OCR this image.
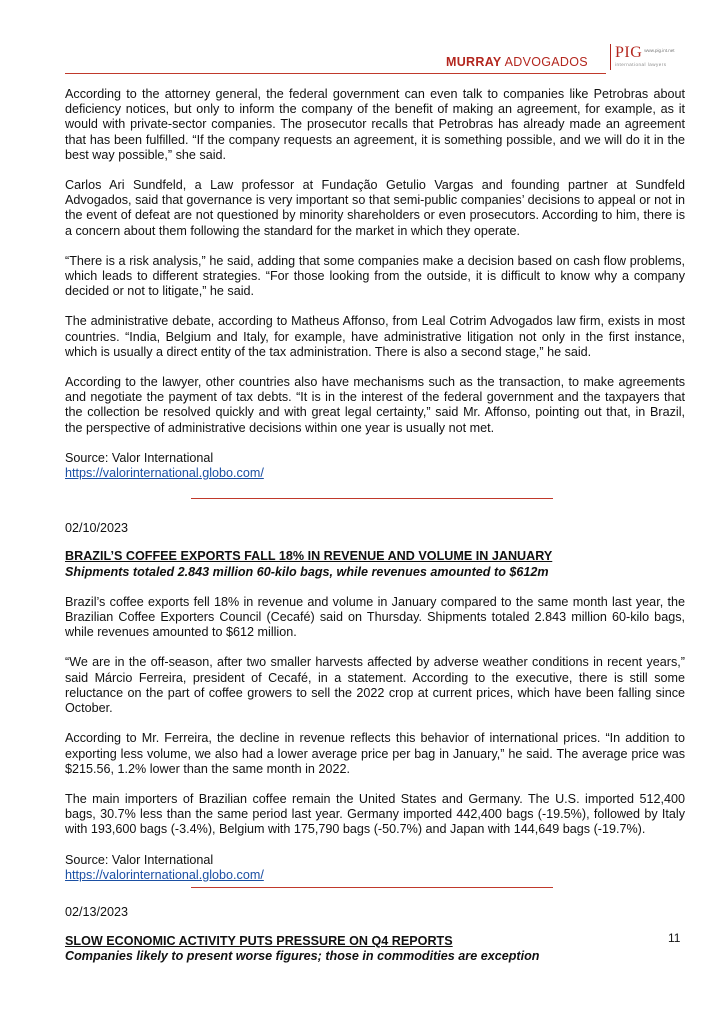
MURRAY ADVOGADOS
PIG www.pig.int.net
international lawyers

According to the attorney general, the federal government can even talk to companies like Petrobras about deficiency notices, but only to inform the company of the benefit of making an agreement, for example, as it would with private-sector companies. The prosecutor recalls that Petrobras has already made an agreement that has been fulfilled. “If the company requests an agreement, it is something possible, and we will do it in the best way possible,” she said.

Carlos Ari Sundfeld, a Law professor at Fundação Getulio Vargas and founding partner at Sundfeld Advogados, said that governance is very important so that semi-public companies’ decisions to appeal or not in the event of defeat are not questioned by minority shareholders or even prosecutors. According to him, there is a concern about them following the standard for the market in which they operate.

“There is a risk analysis,” he said, adding that some companies make a decision based on cash flow problems, which leads to different strategies. “For those looking from the outside, it is difficult to know why a company decided or not to litigate,” he said.

The administrative debate, according to Matheus Affonso, from Leal Cotrim Advogados law firm, exists in most countries. “India, Belgium and Italy, for example, have administrative litigation not only in the first instance, which is usually a direct entity of the tax administration. There is also a second stage,” he said.

According to the lawyer, other countries also have mechanisms such as the transaction, to make agreements and negotiate the payment of tax debts. “It is in the interest of the federal government and the taxpayers that the collection be resolved quickly and with great legal certainty,” said Mr. Affonso, pointing out that, in Brazil, the perspective of administrative decisions within one year is usually not met.

Source: Valor International

https://valorinternational.globo.com/

02/10/2023

BRAZIL’S COFFEE EXPORTS FALL 18% IN REVENUE AND VOLUME IN JANUARY

Shipments totaled 2.843 million 60-kilo bags, while revenues amounted to $612m

Brazil’s coffee exports fell 18% in revenue and volume in January compared to the same month last year, the Brazilian Coffee Exporters Council (Cecafé) said on Thursday. Shipments totaled 2.843 million 60-kilo bags, while revenues amounted to $612 million.

“We are in the off-season, after two smaller harvests affected by adverse weather conditions in recent years,” said Márcio Ferreira, president of Cecafé, in a statement. According to the executive, there is still some reluctance on the part of coffee growers to sell the 2022 crop at current prices, which have been falling since October.

According to Mr. Ferreira, the decline in revenue reflects this behavior of international prices. “In addition to exporting less volume, we also had a lower average price per bag in January,” he said. The average price was $215.56, 1.2% lower than the same month in 2022.

The main importers of Brazilian coffee remain the United States and Germany. The U.S. imported 512,400 bags, 30.7% less than the same period last year. Germany imported 442,400 bags (-19.5%), followed by Italy with 193,600 bags (-3.4%), Belgium with 175,790 bags (-50.7%) and Japan with 144,649 bags (-19.7%).

Source: Valor International

https://valorinternational.globo.com/

02/13/2023

SLOW ECONOMIC ACTIVITY PUTS PRESSURE ON Q4 REPORTS

Companies likely to present worse figures; those in commodities are exception

11
